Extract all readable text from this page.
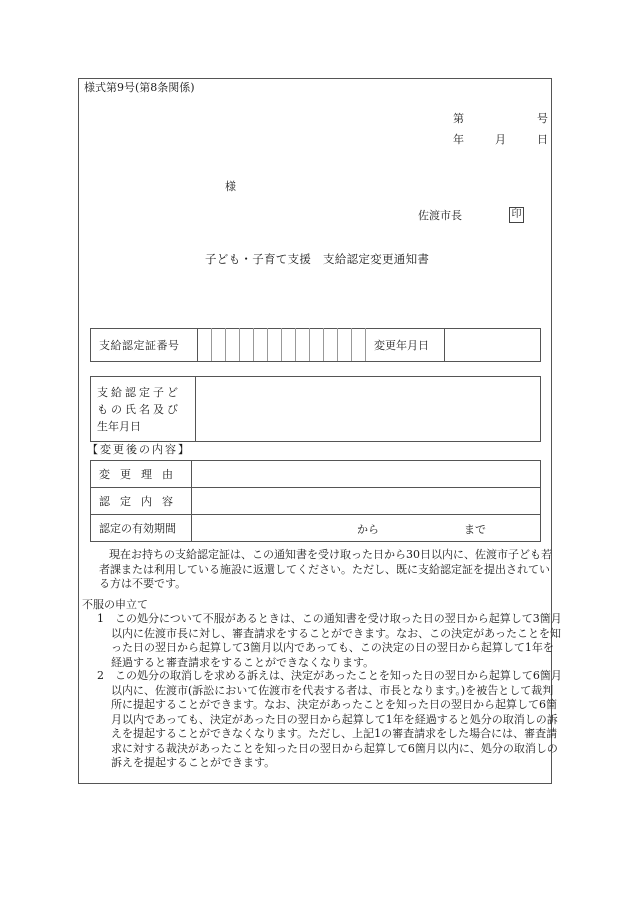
様式第9号(第8条関係)
第	号
年	月	日
様
佐渡市長	印
子ども・子育て支援　支給認定変更通知書
支給認定証番号													変更年月日	
支給認定子ど
もの氏名及び
生年月日

【変更後の内容】
変更理由	
認定内容	
認定の有効期間	から まで
現在お持ちの支給認定証は、この通知書を受け取った日から30日以内に、佐渡市子ども若者課または利用している施設に返還してください。ただし、既に支給認定証を提出されている方は不要です。
不服の申立て
1　 この処分について不服があるときは、この通知書を受け取った日の翌日から起算して3箇月以内に佐渡市長に対し、審査請求をすることができます。なお、この決定があったことを知った日の翌日から起算して3箇月以内であっても、この決定の日の翌日から起算して1年を経過すると審査請求をすることができなくなります。
2　 この処分の取消しを求める訴えは、決定があったことを知った日の翌日から起算して6箇月以内に、佐渡市(訴訟において佐渡市を代表する者は、市長となります。)を被告として裁判所に提起することができます。なお、決定があったことを知った日の翌日から起算して6箇月以内であっても、決定があった日の翌日から起算して1年を経過すると処分の取消しの訴えを提起することができなくなります。ただし、上記1の審査請求をした場合には、審査請求に対する裁決があったことを知った日の翌日から起算して6箇月以内に、処分の取消しの訴えを提起することができます。
